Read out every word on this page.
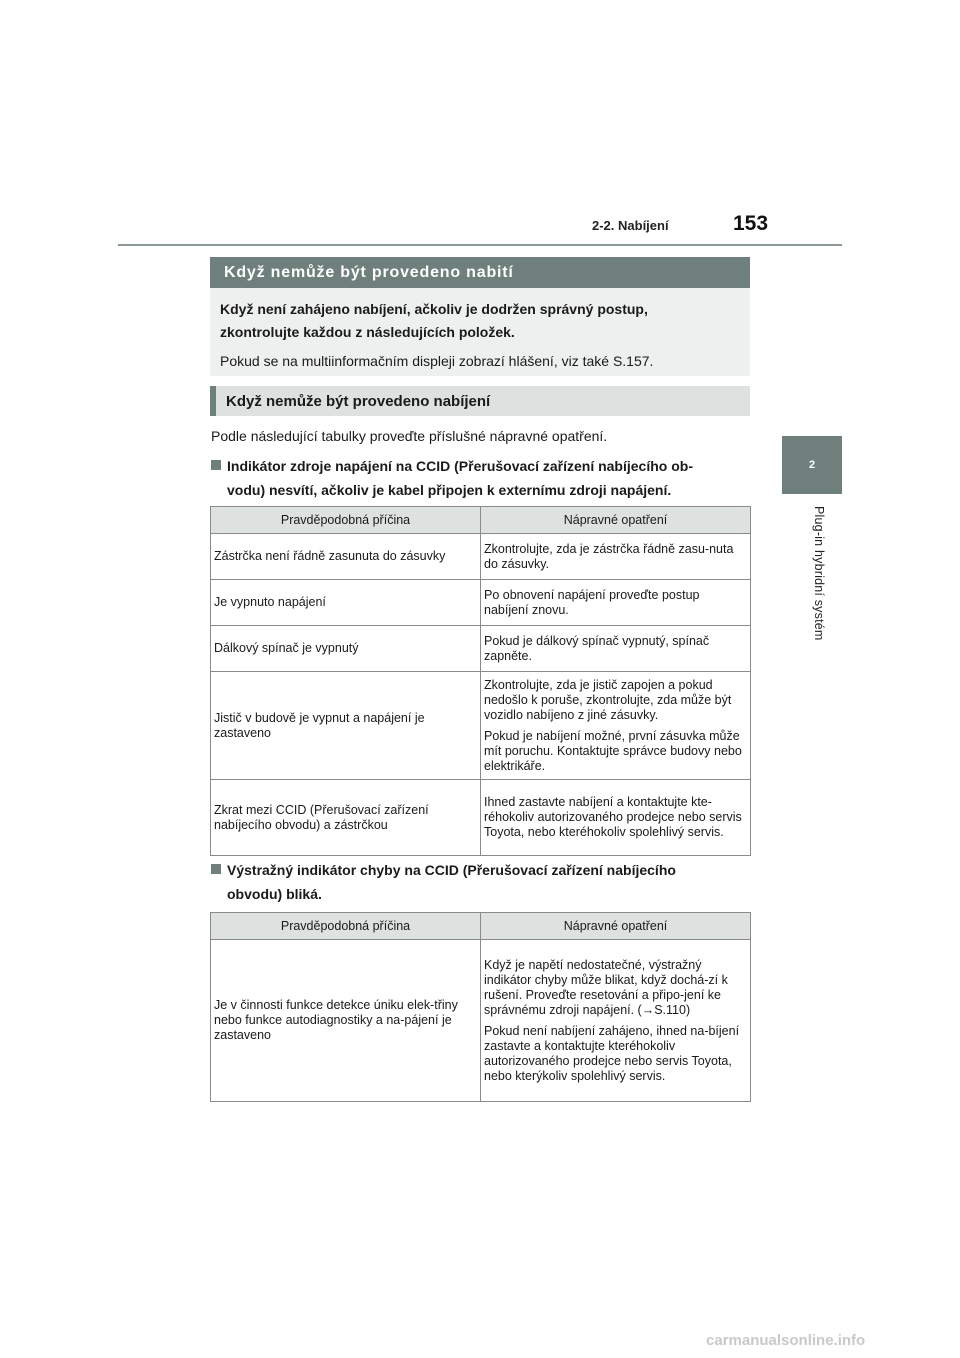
2-2. Nabíjení	153
2
Plug-in hybridní systém
Když nemůže být provedeno nabití
Když není zahájeno nabíjení, ačkoliv je dodržen správný postup,
zkontrolujte každou z následujících položek.
Pokud se na multiinformačním displeji zobrazí hlášení, viz také S.157.
Když nemůže být provedeno nabíjení
Podle následující tabulky proveďte příslušné nápravné opatření.
Indikátor zdroje napájení na CCID (Přerušovací zařízení nabíjecího ob-
vodu) nesvítí, ačkoliv je kabel připojen k externímu zdroji napájení.
Pravděpodobná příčina	Nápravné opatření
Zástrčka není řádně zasunuta do zásuvky	Zkontrolujte, zda je zástrčka řádně zasu-nuta do zásuvky.

Je vypnuto napájení	Po obnovení napájení proveďte postup nabíjení znovu.

Dálkový spínač je vypnutý	Pokud je dálkový spínač vypnutý, spínač zapněte.

Jistič v budově je vypnut a napájení je zastaveno	Zkontrolujte, zda je jistič zapojen a pokud nedošlo k poruše, zkontrolujte, zda může být vozidlo nabíjeno z jiné zásuvky.

Pokud je nabíjení možné, první zásuvka může mít poruchu. Kontaktujte správce budovy nebo elektrikáře.

Zkrat mezi CCID (Přerušovací zařízení nabíjecího obvodu) a zástrčkou	Ihned zastavte nabíjení a kontaktujte kte-réhokoliv autorizovaného prodejce nebo servis Toyota, nebo kteréhokoliv spolehlivý servis.

Výstražný indikátor chyby na CCID (Přerušovací zařízení nabíjecího
obvodu) bliká.
Pravděpodobná příčina	Nápravné opatření
Je v činnosti funkce detekce úniku elek-třiny nebo funkce autodiagnostiky a na-pájení je zastaveno	Když je napětí nedostatečné, výstražný indikátor chyby může blikat, když dochá-zí k rušení. Proveďte resetování a připo-jení ke správnému zdroji napájení. (→S.110)

Pokud není nabíjení zahájeno, ihned na-bíjení zastavte a kontaktujte kteréhokoliv autorizovaného prodejce nebo servis Toyota, nebo kterýkoliv spolehlivý servis.

carmanualsonline.info
